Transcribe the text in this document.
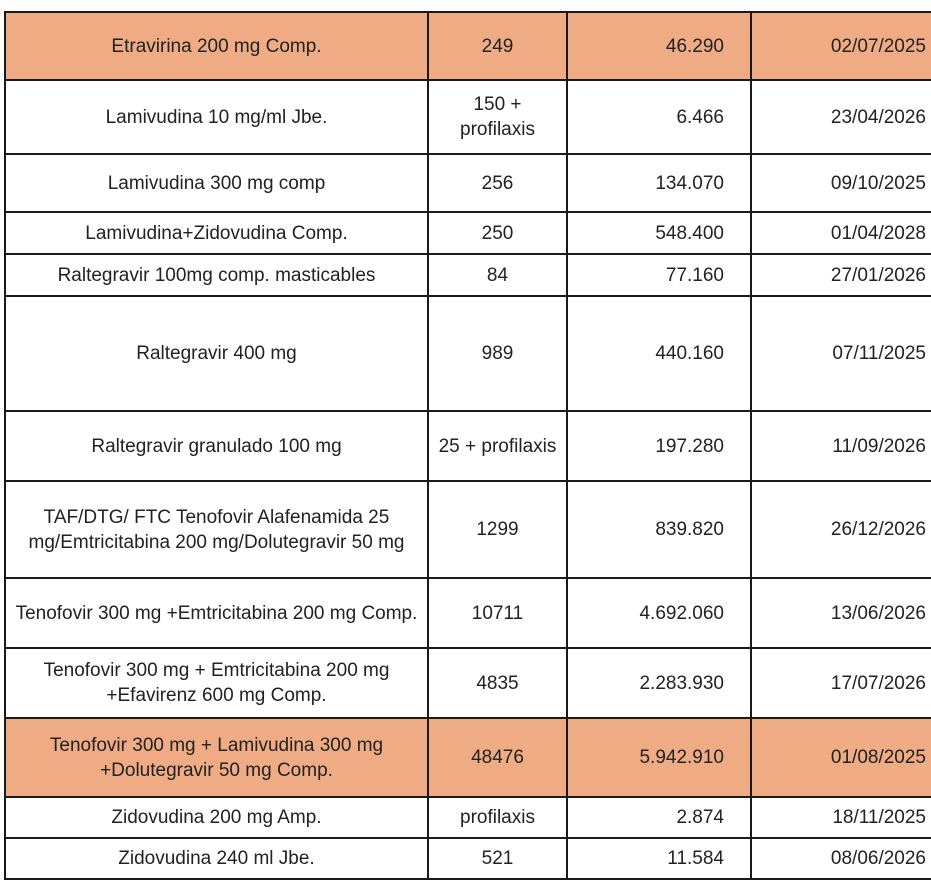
Etravirina 200 mg Comp.	249	46.290	02/07/2025
Lamivudina 10 mg/ml Jbe.	150 + profilaxis	6.466	23/04/2026
Lamivudina 300 mg comp	256	134.070	09/10/2025
Lamivudina+Zidovudina Comp.	250	548.400	01/04/2028
Raltegravir 100mg comp. masticables	84	77.160	27/01/2026
Raltegravir 400 mg	989	440.160	07/11/2025
Raltegravir granulado 100 mg	25 + profilaxis	197.280	11/09/2026
TAF/DTG/ FTC Tenofovir Alafenamida 25 mg/Emtricitabina 200 mg/Dolutegravir 50 mg	1299	839.820	26/12/2026
Tenofovir 300 mg +Emtricitabina 200 mg Comp.	10711	4.692.060	13/06/2026
Tenofovir 300 mg + Emtricitabina 200 mg +Efavirenz 600 mg Comp.	4835	2.283.930	17/07/2026
Tenofovir 300 mg + Lamivudina 300 mg +Dolutegravir 50 mg Comp.	48476	5.942.910	01/08/2025
Zidovudina 200 mg Amp.	profilaxis	2.874	18/11/2025
Zidovudina 240 ml Jbe.	521	11.584	08/06/2026
